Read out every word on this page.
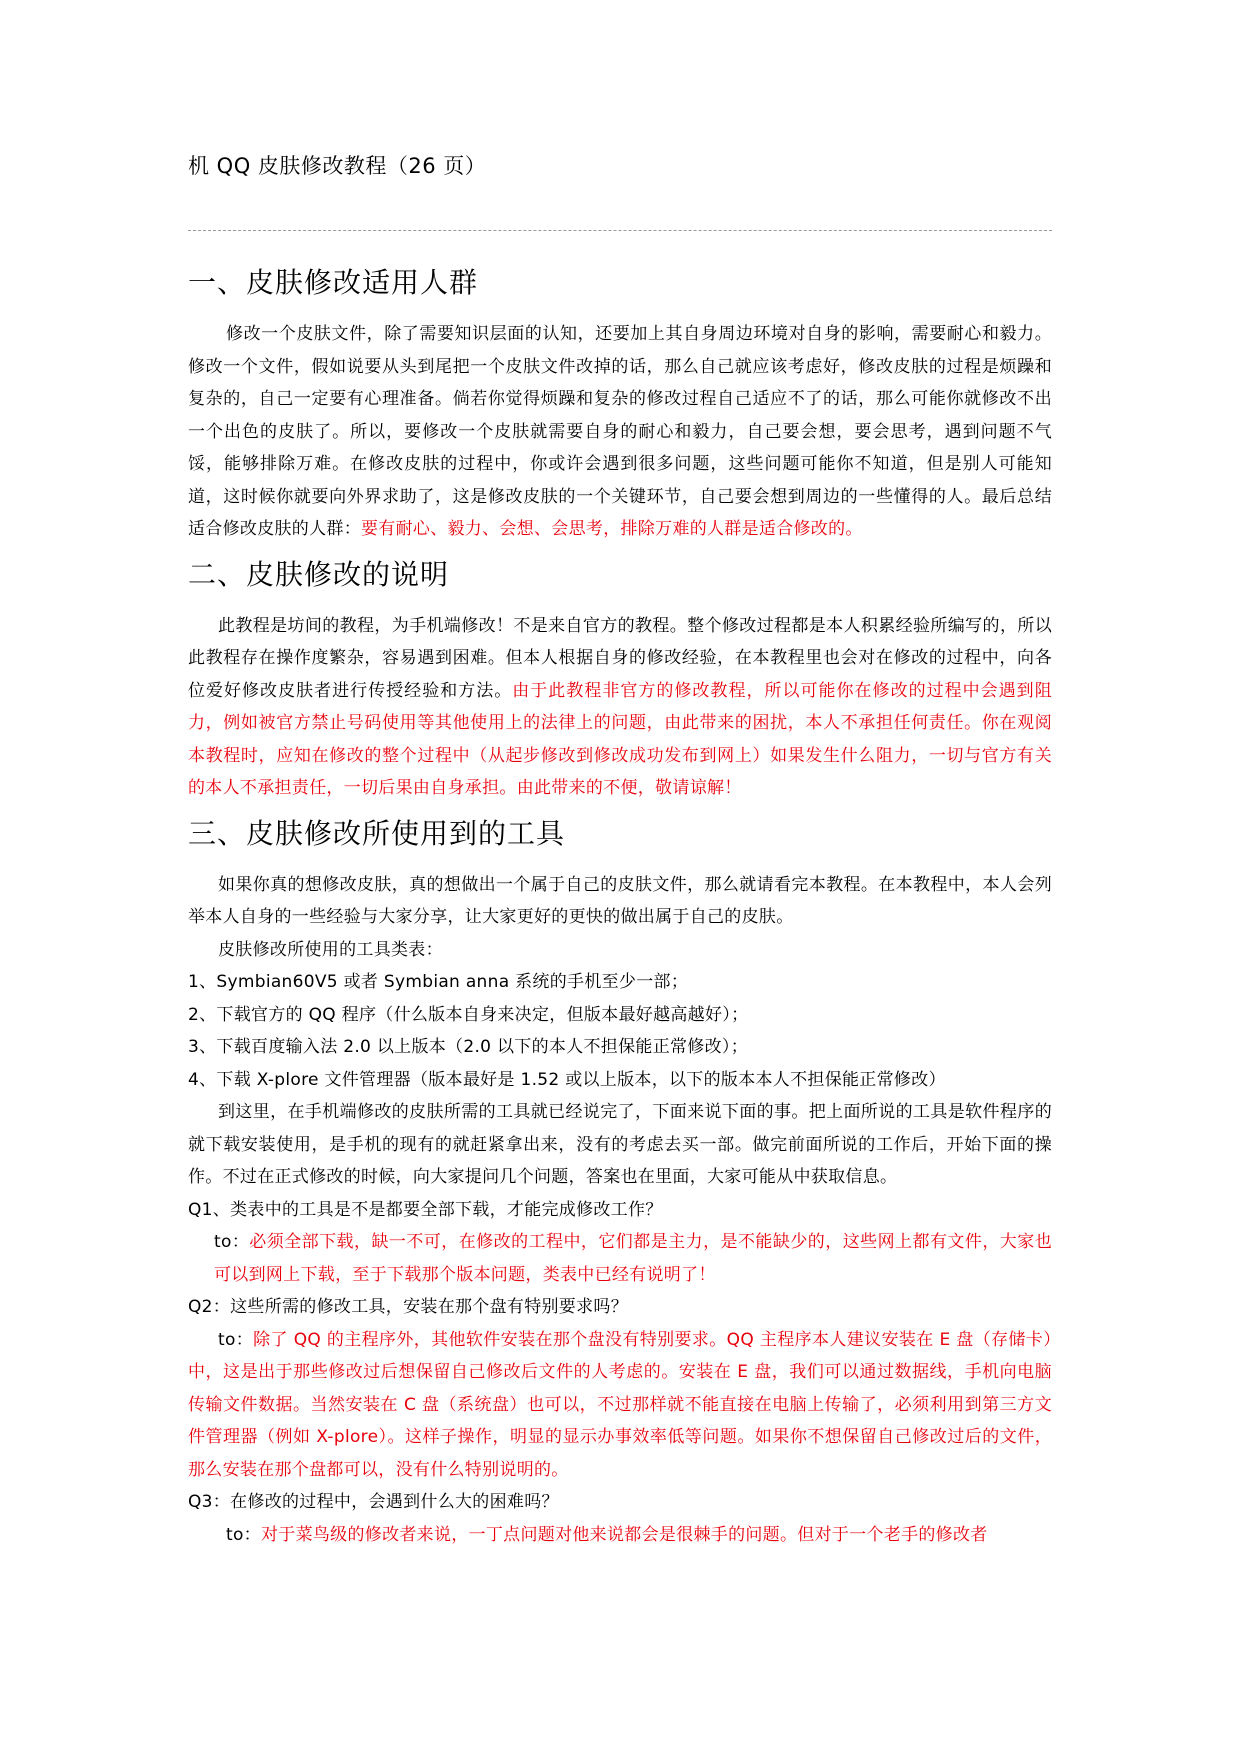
机 QQ 皮肤修改教程（26 页）
一、皮肤修改适用人群

修改一个皮肤文件，除了需要知识层面的认知，还要加上其自身周边环境对自身的影响，需要耐心和毅力。修改一个文件，假如说要从头到尾把一个皮肤文件改掉的话，那么自己就应该考虑好，修改皮肤的过程是烦躁和复杂的，自己一定要有心理准备。倘若你觉得烦躁和复杂的修改过程自己适应不了的话，那么可能你就修改不出一个出色的皮肤了。所以，要修改一个皮肤就需要自身的耐心和毅力，自己要会想，要会思考，遇到问题不气馁，能够排除万难。在修改皮肤的过程中，你或许会遇到很多问题，这些问题可能你不知道，但是别人可能知道，这时候你就要向外界求助了，这是修改皮肤的一个关键环节，自己要会想到周边的一些懂得的人。最后总结适合修改皮肤的人群：要有耐心、毅力、会想、会思考，排除万难的人群是适合修改的。

二、皮肤修改的说明

此教程是坊间的教程，为手机端修改！不是来自官方的教程。整个修改过程都是本人积累经验所编写的，所以此教程存在操作度繁杂，容易遇到困难。但本人根据自身的修改经验，在本教程里也会对在修改的过程中，向各位爱好修改皮肤者进行传授经验和方法。由于此教程非官方的修改教程，所以可能你在修改的过程中会遇到阻力，例如被官方禁止号码使用等其他使用上的法律上的问题，由此带来的困扰，本人不承担任何责任。你在观阅本教程时，应知在修改的整个过程中（从起步修改到修改成功发布到网上）如果发生什么阻力，一切与官方有关的本人不承担责任，一切后果由自身承担。由此带来的不便，敬请谅解！

三、皮肤修改所使用到的工具

如果你真的想修改皮肤，真的想做出一个属于自己的皮肤文件，那么就请看完本教程。在本教程中，本人会列举本人自身的一些经验与大家分享，让大家更好的更快的做出属于自己的皮肤。

皮肤修改所使用的工具类表：

1、Symbian60V5 或者 Symbian anna 系统的手机至少一部；

2、下载官方的 QQ 程序（什么版本自身来决定，但版本最好越高越好）；

3、下载百度输入法 2.0 以上版本（2.0 以下的本人不担保能正常修改）；

4、下载 X-plore 文件管理器（版本最好是 1.52 或以上版本，以下的版本本人不担保能正常修改）

到这里，在手机端修改的皮肤所需的工具就已经说完了，下面来说下面的事。把上面所说的工具是软件程序的就下载安装使用，是手机的现有的就赶紧拿出来，没有的考虑去买一部。做完前面所说的工作后，开始下面的操作。不过在正式修改的时候，向大家提问几个问题，答案也在里面，大家可能从中获取信息。

Q1、类表中的工具是不是都要全部下载，才能完成修改工作？

to：必须全部下载，缺一不可，在修改的工程中，它们都是主力，是不能缺少的，这些网上都有文件，大家也可以到网上下载，至于下载那个版本问题，类表中已经有说明了！

Q2：这些所需的修改工具，安装在那个盘有特别要求吗？

to：除了 QQ 的主程序外，其他软件安装在那个盘没有特别要求。QQ 主程序本人建议安装在 E 盘（存储卡）中，这是出于那些修改过后想保留自己修改后文件的人考虑的。安装在 E 盘，我们可以通过数据线，手机向电脑 传输文件数据。当然安装在 C 盘（系统盘）也可以，不过那样就不能直接在电脑上传输了，必须利用到第三方文件管理器（例如 X-plore）。这样子操作，明显的显示办事效率低等问题。如果你不想保留自己修改过后的文件，那么安装在那个盘都可以，没有什么特别说明的。

Q3：在修改的过程中，会遇到什么大的困难吗？

to：对于菜鸟级的修改者来说，一丁点问题对他来说都会是很棘手的问题。但对于一个老手的修改者
